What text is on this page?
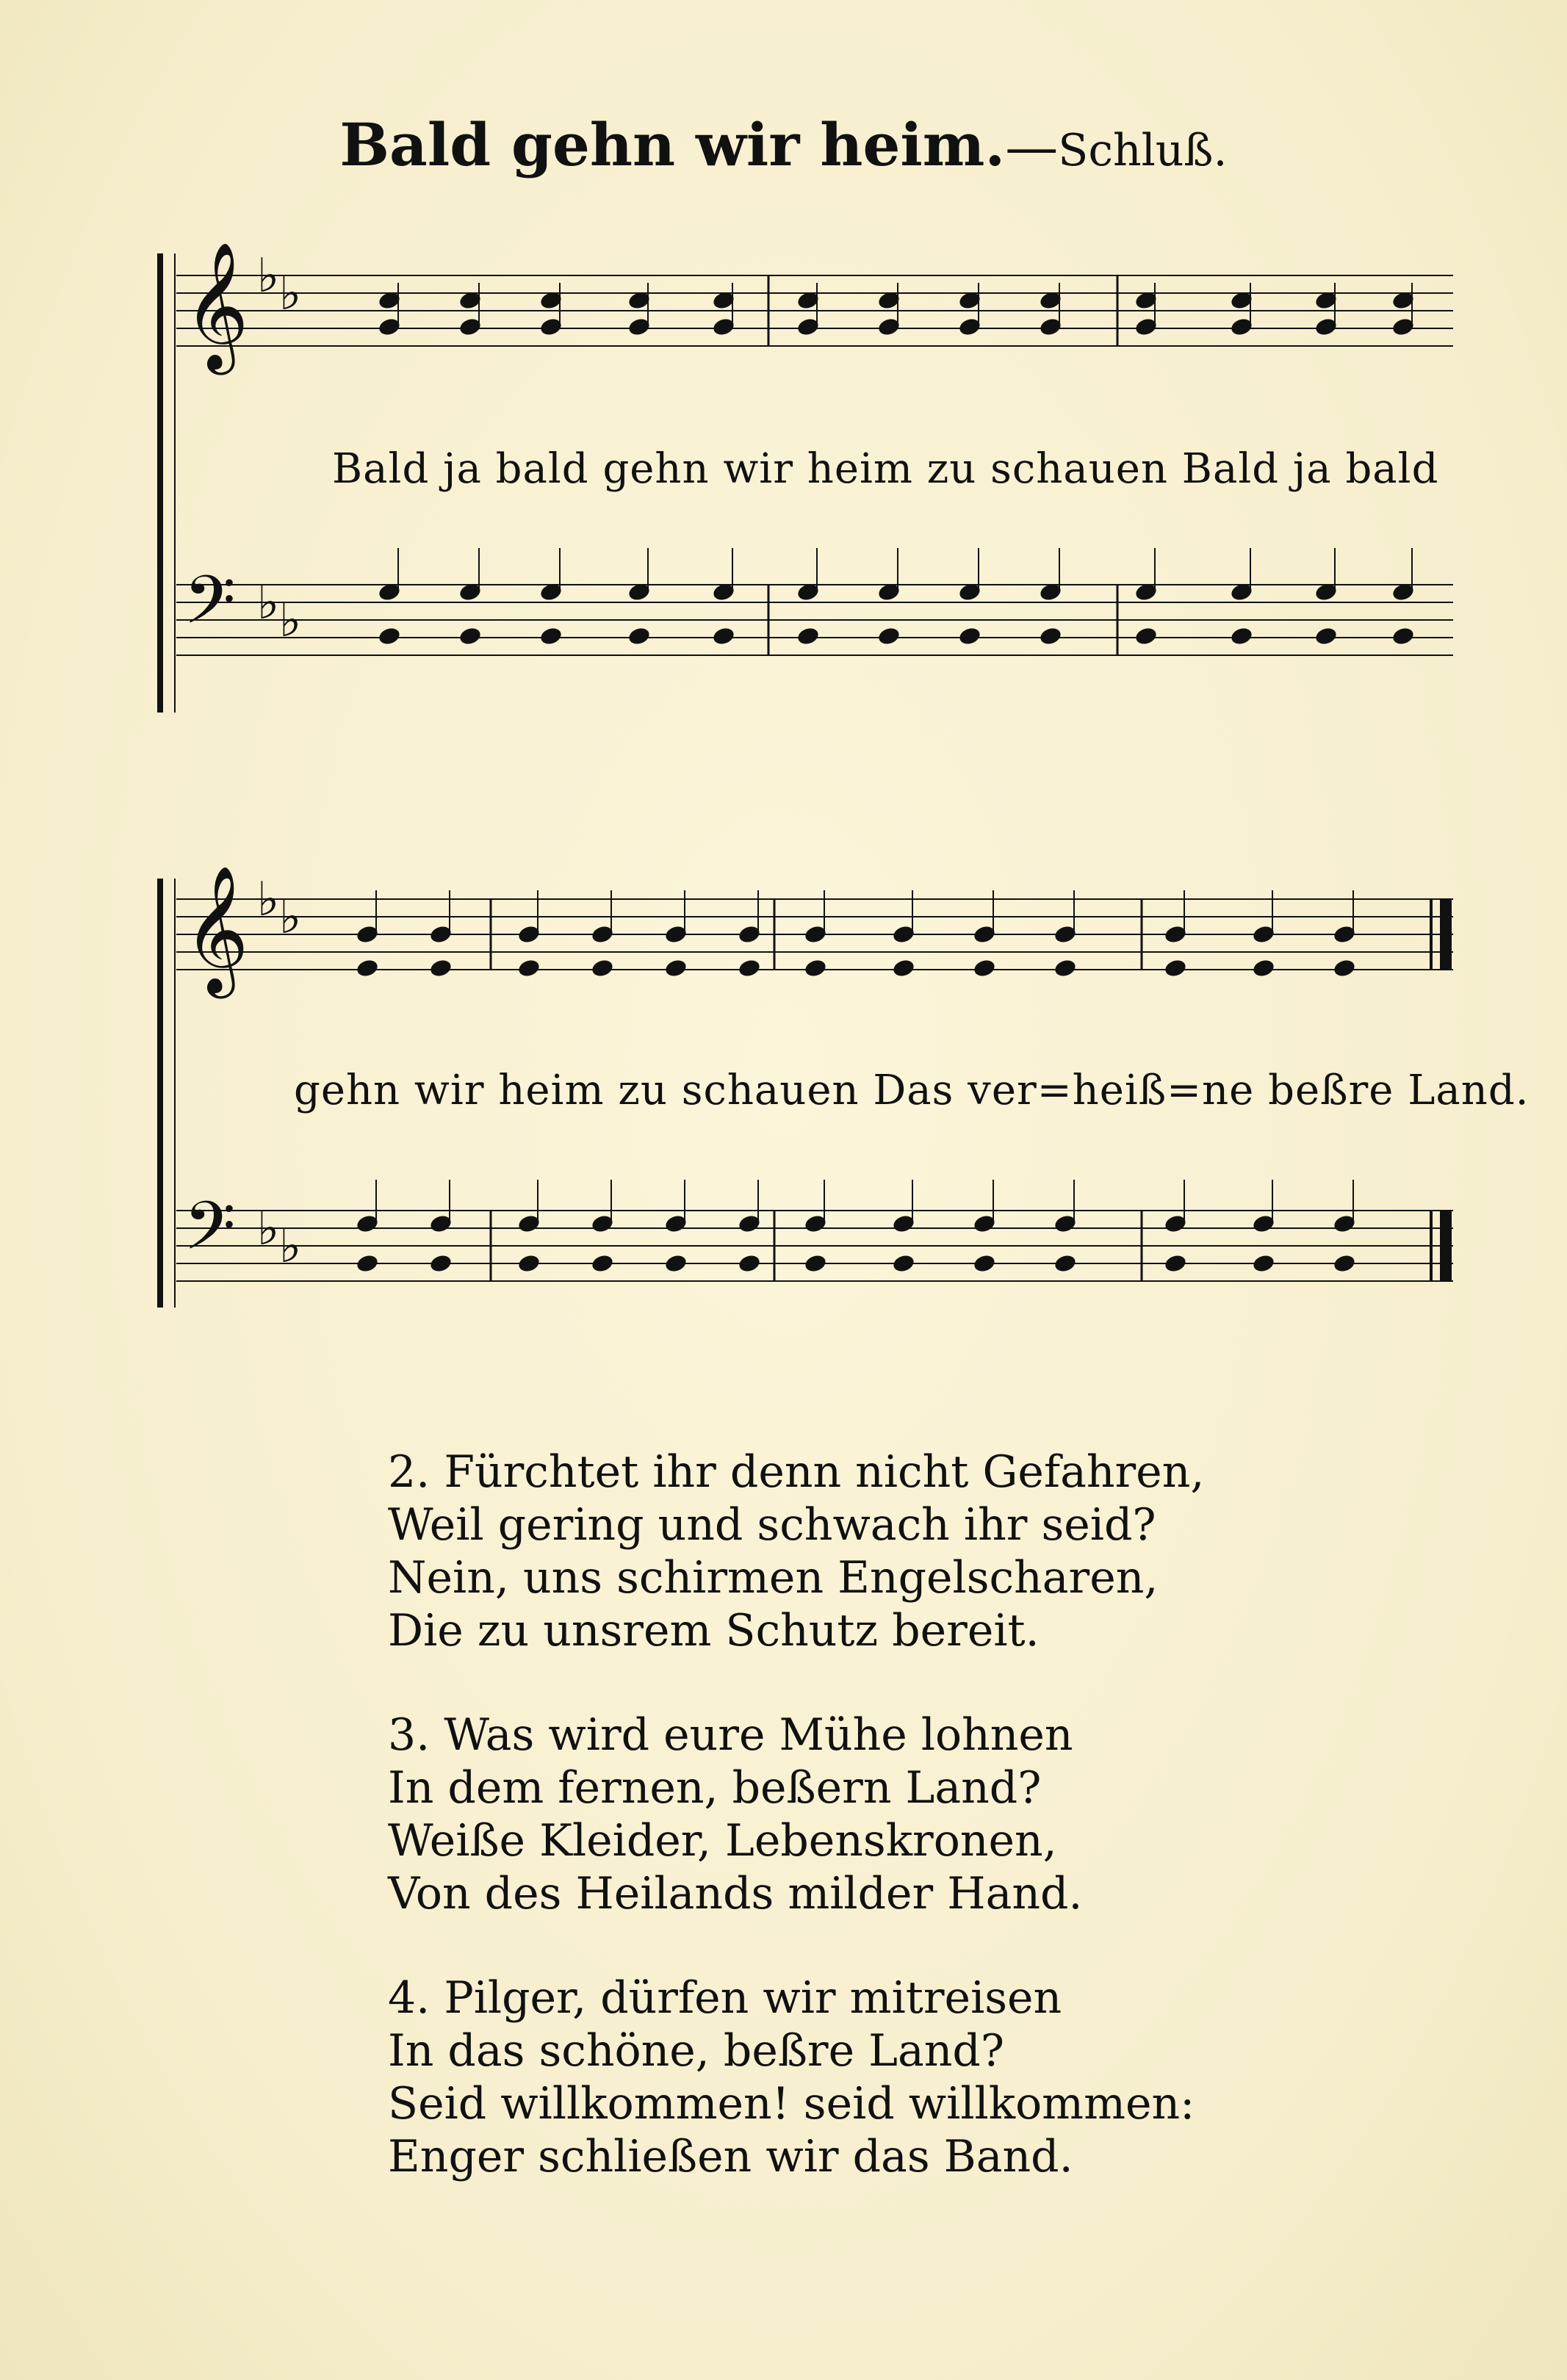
Bald gehn wir heim.—Schluß.
𝄞 ♭ ♭
𝄢 ♭ ♭
𝄞 ♭ ♭
𝄢 ♭ ♭
Bald ja bald gehn wir heim zu schauen Bald ja bald
gehn wir heim zu schauen Das ver=heiß=ne beßre Land.
2. Fürchtet ihr denn nicht Gefahren,
Weil gering und schwach ihr seid?
Nein, uns schirmen Engelscharen,
Die zu unsrem Schutz bereit.
3. Was wird eure Mühe lohnen
In dem fernen, beßern Land?
Weiße Kleider, Lebenskronen,
Von des Heilands milder Hand.
4. Pilger, dürfen wir mitreisen
In das schöne, beßre Land?
Seid willkommen! seid willkommen:
Enger schließen wir das Band.
